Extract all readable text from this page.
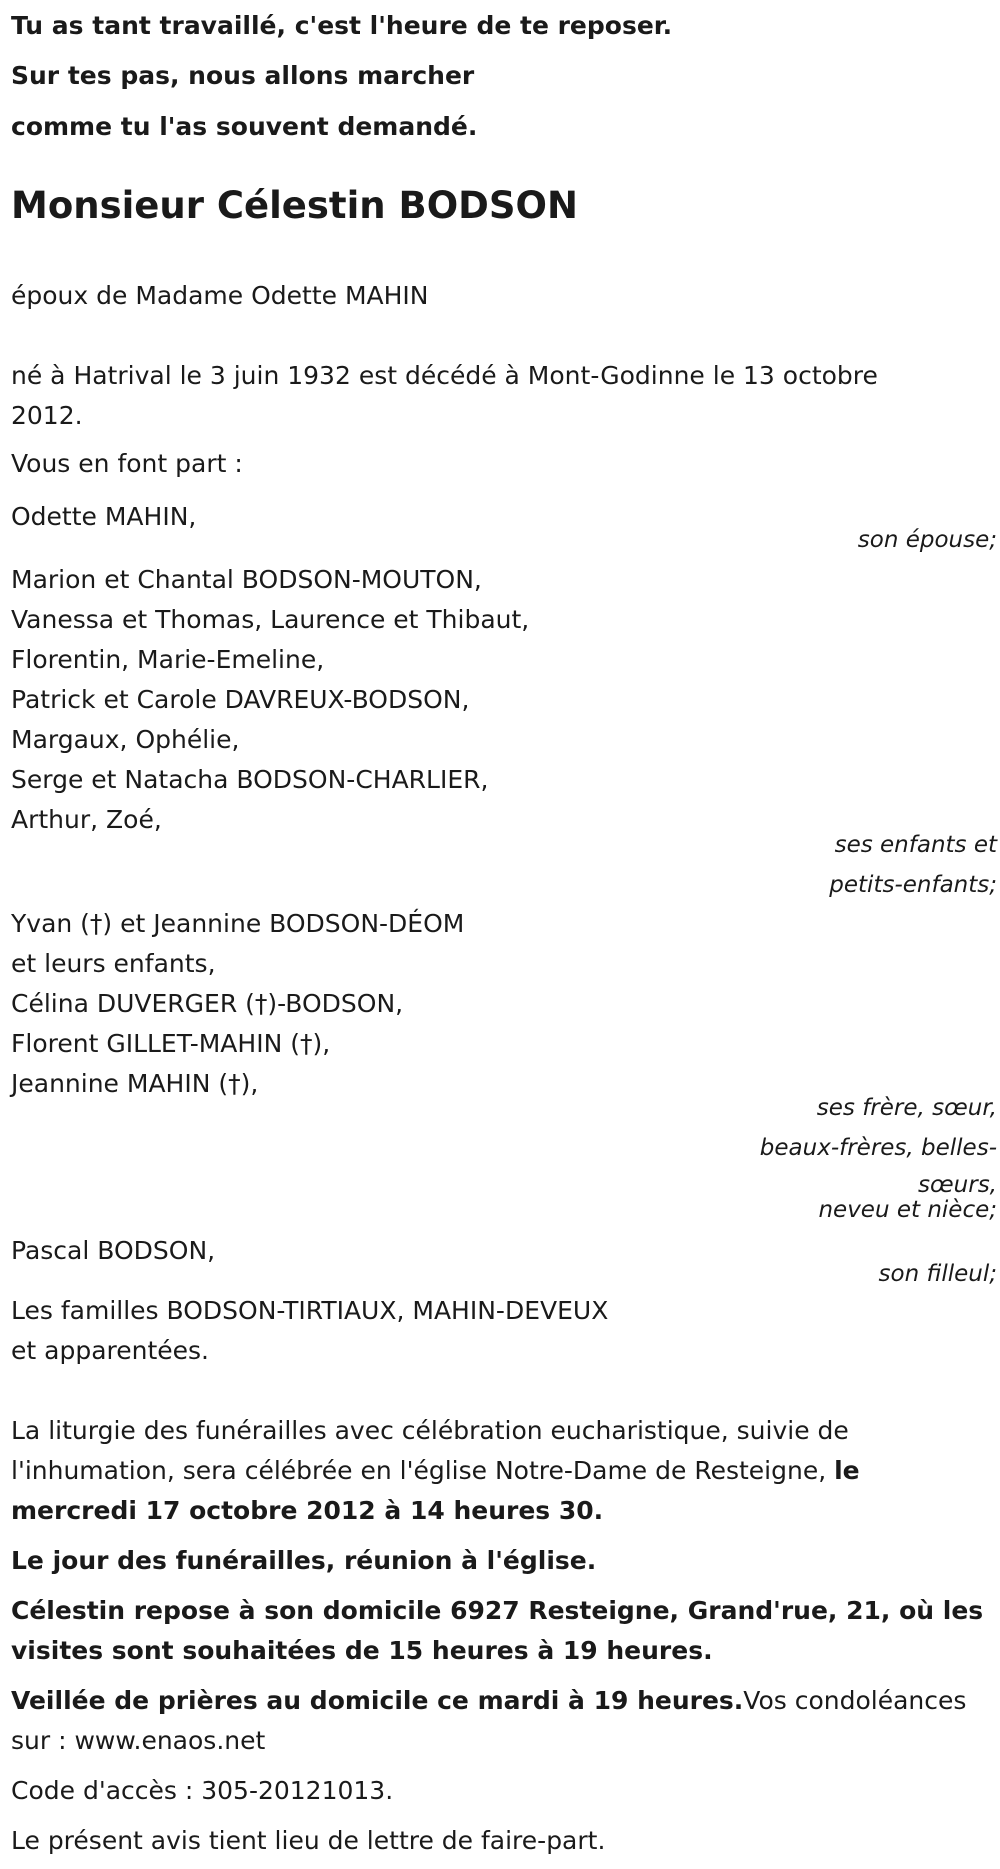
Tu as tant travaillé, c'est l'heure de te reposer.
Sur tes pas, nous allons marcher
comme tu l'as souvent demandé.
Monsieur Célestin BODSON
époux de Madame Odette MAHIN
né à Hatrival le 3 juin 1932 est décédé à Mont-Godinne le 13 octobre
2012.
Vous en font part :
Odette MAHIN,
son épouse;
Marion et Chantal BODSON-MOUTON,
Vanessa et Thomas, Laurence et Thibaut,
Florentin, Marie-Emeline,
Patrick et Carole DAVREUX-BODSON,
Margaux, Ophélie,
Serge et Natacha BODSON-CHARLIER,
Arthur, Zoé,
ses enfants et
petits-enfants;
Yvan (†) et Jeannine BODSON-DÉOM
et leurs enfants,
Célina DUVERGER (†)-BODSON,
Florent GILLET-MAHIN (†),
Jeannine MAHIN (†),
ses frère, sœur,
beaux-frères, belles-
sœurs,
neveu et nièce;
Pascal BODSON,
son filleul;
Les familles BODSON-TIRTIAUX, MAHIN-DEVEUX
et apparentées.
La liturgie des funérailles avec célébration eucharistique, suivie de
l'inhumation, sera célébrée en l'église Notre-Dame de Resteigne, le
mercredi 17 octobre 2012 à 14 heures 30.
Le jour des funérailles, réunion à l'église.
Célestin repose à son domicile 6927 Resteigne, Grand'rue, 21, où les
visites sont souhaitées de 15 heures à 19 heures.
Veillée de prières au domicile ce mardi à 19 heures.Vos condoléances
sur : www.enaos.net
Code d'accès : 305-20121013.
Le présent avis tient lieu de lettre de faire-part.
